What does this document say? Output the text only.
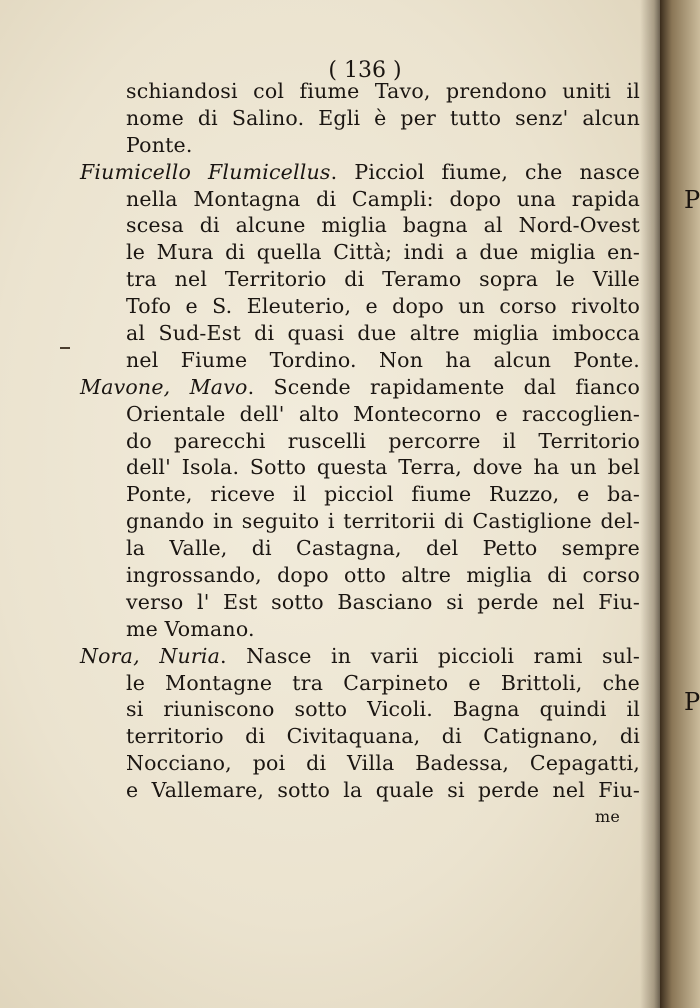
P
P
( 136 )
schiandosi col fiume Tavo, prendono uniti il
nome di Salino. Egli è per tutto senz' alcun
Ponte.
Fiumicello Flumicellus. Picciol fiume, che nasce
nella Montagna di Campli: dopo una rapida
scesa di alcune miglia bagna al Nord-Ovest
le Mura di quella Città; indi a due miglia en-
tra nel Territorio di Teramo sopra le Ville
Tofo e S. Eleuterio, e dopo un corso rivolto
al Sud-Est di quasi due altre miglia imbocca
nel Fiume Tordino. Non ha alcun Ponte.
Mavone, Mavo. Scende rapidamente dal fianco
Orientale dell' alto Montecorno e raccoglien-
do parecchi ruscelli percorre il Territorio
dell' Isola. Sotto questa Terra, dove ha un bel
Ponte, riceve il picciol fiume Ruzzo, e ba-
gnando in seguito i territorii di Castiglione del-
la Valle, di Castagna, del Petto sempre
ingrossando, dopo otto altre miglia di corso
verso l' Est sotto Basciano si perde nel Fiu-
me Vomano.
Nora, Nuria. Nasce in varii piccioli rami sul-
le Montagne tra Carpineto e Brittoli, che
si riuniscono sotto Vicoli. Bagna quindi il
territorio di Civitaquana, di Catignano, di
Nocciano, poi di Villa Badessa, Cepagatti,
e Vallemare, sotto la quale si perde nel Fiu-
me
